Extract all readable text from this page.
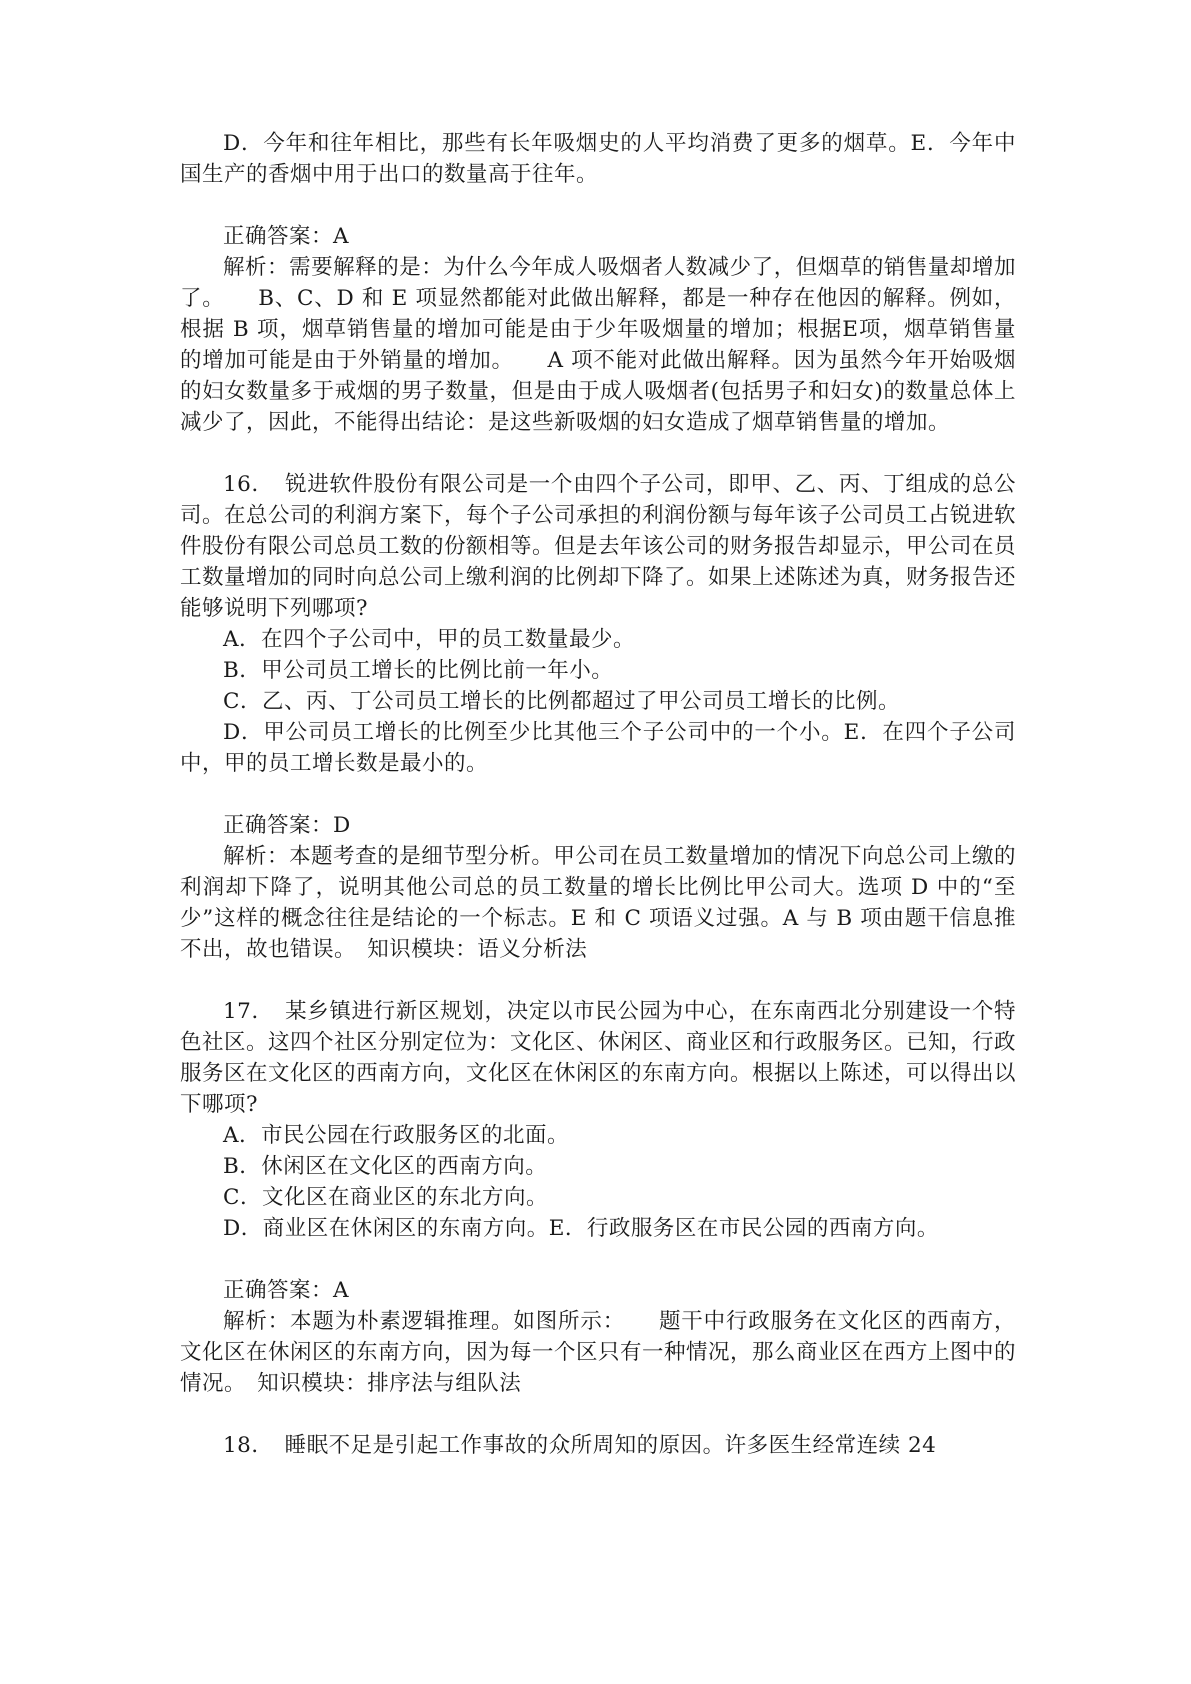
D．今年和往年相比，那些有长年吸烟史的人平均消费了更多的烟草。E．今年中国生产的香烟中用于出口的数量高于往年。

正确答案：A

解析：需要解释的是：为什么今年成人吸烟者人数减少了，但烟草的销售量却增加了。　　B、C、D 和 E 项显然都能对此做出解释，都是一种存在他因的解释。例如，根据 B 项，烟草销售量的增加可能是由于少年吸烟量的增加；根据E项，烟草销售量的增加可能是由于外销量的增加。　　A 项不能对此做出解释。因为虽然今年开始吸烟的妇女数量多于戒烟的男子数量，但是由于成人吸烟者(包括男子和妇女)的数量总体上减少了，因此，不能得出结论：是这些新吸烟的妇女造成了烟草销售量的增加。

16．　锐进软件股份有限公司是一个由四个子公司，即甲、乙、丙、丁组成的总公司。在总公司的利润方案下，每个子公司承担的利润份额与每年该子公司员工占锐进软件股份有限公司总员工数的份额相等。但是去年该公司的财务报告却显示，甲公司在员工数量增加的同时向总公司上缴利润的比例却下降了。如果上述陈述为真，财务报告还能够说明下列哪项?

A．在四个子公司中，甲的员工数量最少。

B．甲公司员工增长的比例比前一年小。

C．乙、丙、丁公司员工增长的比例都超过了甲公司员工增长的比例。

D．甲公司员工增长的比例至少比其他三个子公司中的一个小。E．在四个子公司中，甲的员工增长数是最小的。

正确答案：D

解析：本题考查的是细节型分析。甲公司在员工数量增加的情况下向总公司上缴的利润却下降了，说明其他公司总的员工数量的增长比例比甲公司大。选项 D 中的“至少”这样的概念往往是结论的一个标志。E 和 C 项语义过强。A 与 B 项由题干信息推不出，故也错误。　知识模块：语义分析法

17．　某乡镇进行新区规划，决定以市民公园为中心，在东南西北分别建设一个特色社区。这四个社区分别定位为：文化区、休闲区、商业区和行政服务区。已知，行政服务区在文化区的西南方向，文化区在休闲区的东南方向。根据以上陈述，可以得出以下哪项?

A．市民公园在行政服务区的北面。

B．休闲区在文化区的西南方向。

C．文化区在商业区的东北方向。

D．商业区在休闲区的东南方向。E．行政服务区在市民公园的西南方向。

正确答案：A

解析：本题为朴素逻辑推理。如图所示：　　题干中行政服务在文化区的西南方，文化区在休闲区的东南方向，因为每一个区只有一种情况，那么商业区在西方上图中的情况。　知识模块：排序法与组队法

18．　睡眠不足是引起工作事故的众所周知的原因。许多医生经常连续 24
